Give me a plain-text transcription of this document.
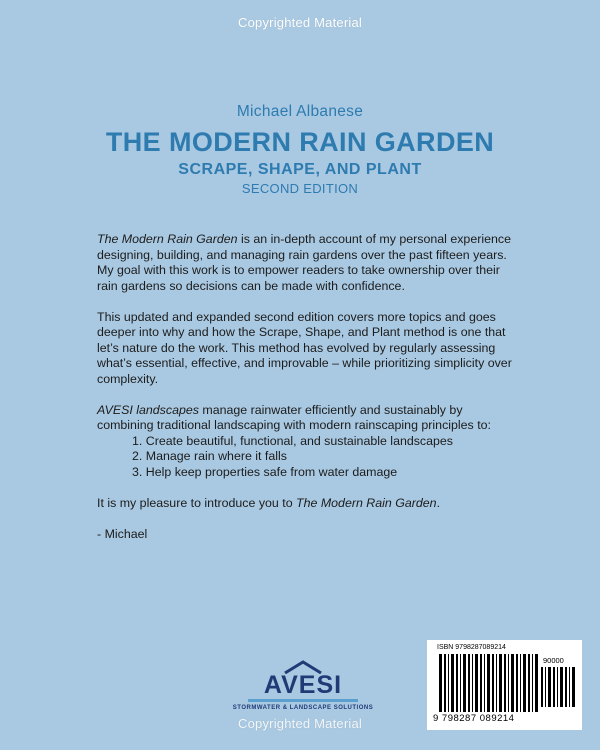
Copyrighted Material
Michael Albanese
THE MODERN RAIN GARDEN
SCRAPE, SHAPE, AND PLANT
SECOND EDITION

The Modern Rain Garden is an in-depth account of my personal experience designing, building, and managing rain gardens over the past fifteen years. My goal with this work is to empower readers to take ownership over their rain gardens so decisions can be made with confidence.

This updated and expanded second edition covers more topics and goes deeper into why and how the Scrape, Shape, and Plant method is one that let’s nature do the work. This method has evolved by regularly assessing what’s essential, effective, and improvable – while prioritizing simplicity over complexity.

AVESI landscapes manage rainwater efficiently and sustainably by combining traditional landscaping with modern rainscaping principles to:

1. Create beautiful, functional, and sustainable landscapes
2. Manage rain where it falls
3. Help keep properties safe from water damage

It is my pleasure to introduce you to The Modern Rain Garden.

- Michael

AVESI
STORMWATER & LANDSCAPE SOLUTIONS
Copyrighted Material
ISBN 9798287089214
90000
9 798287 089214
